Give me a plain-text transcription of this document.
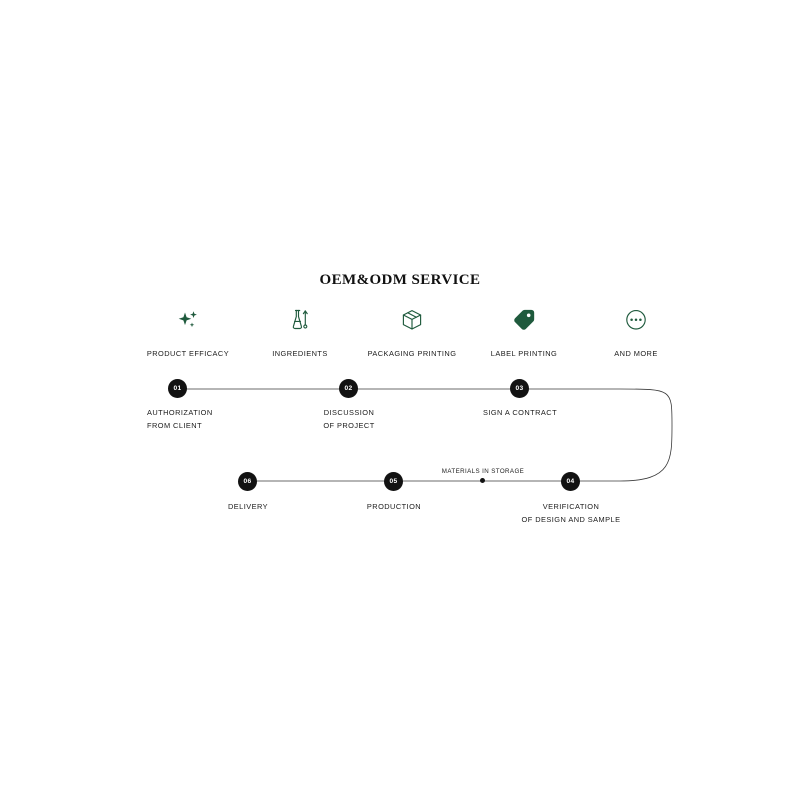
OEM&ODM SERVICE
PRODUCT EFFICACY	INGREDIENTS	PACKAGING PRINTING	LABEL PRINTING	AND MORE
01
AUTHORIZATION
FROM CLIENT
02
DISCUSSION
OF PROJECT
03
SIGN A CONTRACT
04
VERIFICATION
OF DESIGN AND SAMPLE
05
PRODUCTION
06
DELIVERY
MATERIALS IN STORAGE
